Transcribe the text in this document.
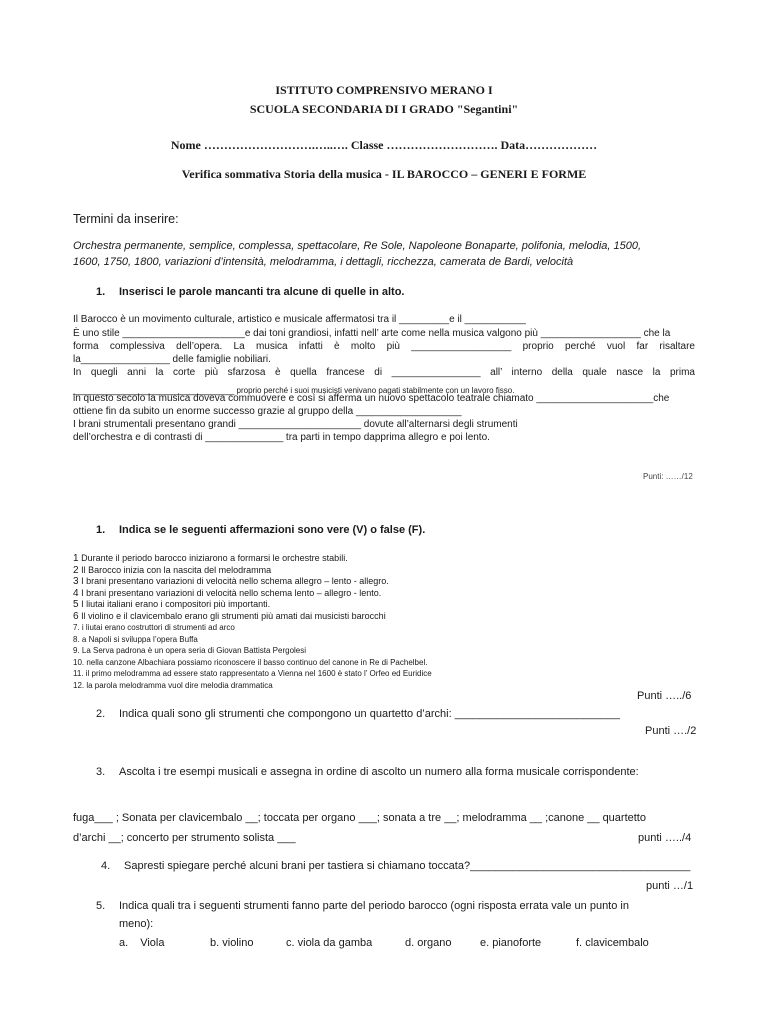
ISTITUTO COMPRENSIVO MERANO I
SCUOLA SECONDARIA DI I GRADO "Segantini"
Nome ……………………….…..…. Classe ………………………. Data………………
Verifica sommativa Storia della musica - IL BAROCCO – GENERI E FORME
Termini da inserire:
Orchestra permanente, semplice, complessa, spettacolare, Re Sole, Napoleone Bonaparte, polifonia, melodia, 1500,
1600, 1750, 1800, variazioni d’intensità, melodramma, i dettagli, ricchezza, camerata de Bardi, velocità
1. Inserisci le parole mancanti tra alcune di quelle in alto.
Il Barocco è un movimento culturale, artistico e musicale affermatosi tra il _________e il ___________
È uno stile ______________________e dai toni grandiosi, infatti nell’ arte come nella musica valgono più __________________ che la
forma complessiva dell’opera. La musica infatti è molto più __________________ proprio perché vuol far risaltare
la________________ delle famiglie nobiliari.
In quegli anni la corte più sfarzosa è quella francese di ________________ all’ interno della quale nasce la prima
_____________________________ proprio perché i suoi musicisti venivano pagati stabilmente con un lavoro fisso.
in questo secolo la musica doveva commuovere e così si afferma un nuovo spettacolo teatrale chiamato _____________________che
ottiene fin da subito un enorme successo grazie al gruppo della ___________________
I brani strumentali presentano grandi ______________________ dovute all’alternarsi degli strumenti
dell’orchestra e di contrasti di ______________ tra parti in tempo dapprima allegro e poi lento.
Punti: ……/12
1. Indica se le seguenti affermazioni sono vere (V) o false (F).
1 Durante il periodo barocco iniziarono a formarsi le orchestre stabili.
2 Il Barocco inizia con la nascita del melodramma
3 I brani presentano variazioni di velocità nello schema allegro – lento - allegro.
4 I brani presentano variazioni di velocità nello schema lento – allegro - lento.
5 I liutai italiani erano i compositori più importanti.
6 Il violino e il clavicembalo erano gli strumenti più amati dai musicisti barocchi
7. i liutai erano costruttori di strumenti ad arco
8. a Napoli si sviluppa l’opera Buffa
9. La Serva padrona è un opera seria di Giovan Battista Pergolesi
10. nella canzone Albachiara possiamo riconoscere il basso continuo del canone in Re di Pachelbel.
11. il primo melodramma ad essere stato rappresentato a Vienna nel 1600 è stato l’ Orfeo ed Euridice
12. la parola melodramma vuol dire melodia drammatica
Punti …../6
2. Indica quali sono gli strumenti che compongono un quartetto d’archi: ___________________________
Punti …./2
3. Ascolta i tre esempi musicali e assegna in ordine di ascolto un numero alla forma musicale corrispondente:
fuga___ ; Sonata per clavicembalo __; toccata per organo ___; sonata a tre __; melodramma __ ;canone __ quartetto
d’archi __; concerto per strumento solista ___	punti …../4
4. Sapresti spiegare perché alcuni brani per tastiera si chiamano toccata?____________________________________
punti …/1
5. Indica quali tra i seguenti strumenti fanno parte del periodo barocco (ogni risposta errata vale un punto in
meno):
a. Viola	b. violino	c. viola da gamba	d. organo	e. pianoforte	f. clavicembalo
